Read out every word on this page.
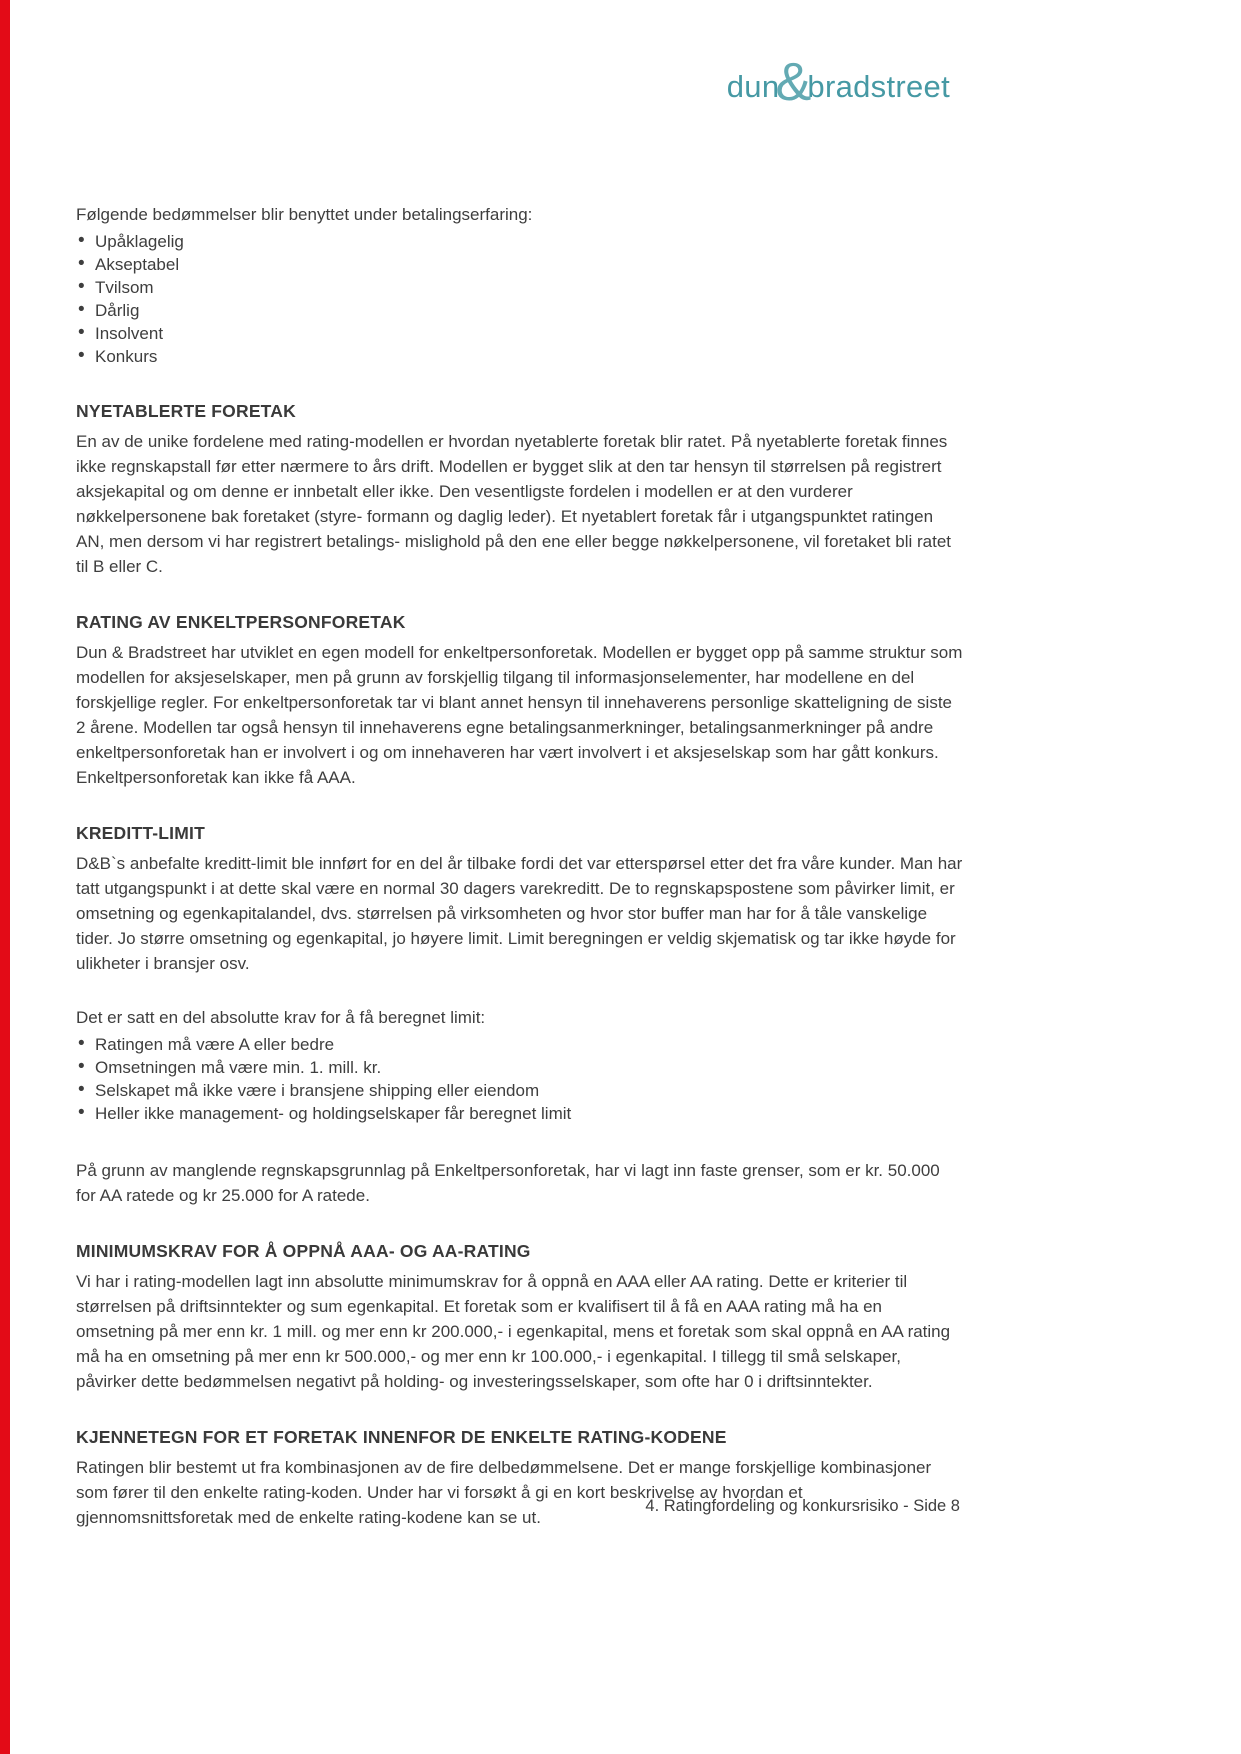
dun
&
bradstreet

Følgende bedømmelser blir benyttet under betalingserfaring:

• Upåklagelig
• Akseptabel
• Tvilsom
• Dårlig
• Insolvent
• Konkurs
NYETABLERTE FORETAK

En av de unike fordelene med rating-modellen er hvordan nyetablerte foretak blir ratet. På nyetablerte foretak finnes ikke regnskapstall før etter nærmere to års drift. Modellen er bygget slik at den tar hensyn til størrelsen på registrert aksjekapital og om denne er innbetalt eller ikke. Den vesentligste fordelen i modellen er at den vurderer nøkkelpersonene bak foretaket (styre- formann og daglig leder). Et nyetablert foretak får i utgangspunktet ratingen AN, men dersom vi har registrert betalings- mislighold på den ene eller begge nøkkelpersonene, vil foretaket bli ratet til B eller C.

RATING AV ENKELTPERSONFORETAK

Dun & Bradstreet har utviklet en egen modell for enkeltpersonforetak. Modellen er bygget opp på samme struktur som modellen for aksjeselskaper, men på grunn av forskjellig tilgang til informasjonselementer, har modellene en del forskjellige regler. For enkeltpersonforetak tar vi blant annet hensyn til innehaverens personlige skatteligning de siste 2 årene. Modellen tar også hensyn til innehaverens egne betalingsanmerkninger, betalingsanmerkninger på andre enkeltpersonforetak han er involvert i og om innehaveren har vært involvert i et aksjeselskap som har gått konkurs. Enkeltpersonforetak kan ikke få AAA.

KREDITT-LIMIT

D&B`s anbefalte kreditt-limit ble innført for en del år tilbake fordi det var etterspørsel etter det fra våre kunder. Man har tatt utgangspunkt i at dette skal være en normal 30 dagers varekreditt. De to regnskapspostene som påvirker limit, er omsetning og egenkapitalandel, dvs. størrelsen på virksomheten og hvor stor buffer man har for å tåle vanskelige tider. Jo større omsetning og egenkapital, jo høyere limit. Limit beregningen er veldig skjematisk og tar ikke høyde for ulikheter i bransjer osv.

Det er satt en del absolutte krav for å få beregnet limit:

• Ratingen må være A eller bedre
• Omsetningen må være min. 1. mill. kr.
• Selskapet må ikke være i bransjene shipping eller eiendom
• Heller ikke management- og holdingselskaper får beregnet limit

På grunn av manglende regnskapsgrunnlag på Enkeltpersonforetak, har vi lagt inn faste grenser, som er kr. 50.000 for AA ratede og kr 25.000 for A ratede.

MINIMUMSKRAV FOR Å OPPNÅ AAA- OG AA-RATING

Vi har i rating-modellen lagt inn absolutte minimumskrav for å oppnå en AAA eller AA rating. Dette er kriterier til størrelsen på driftsinntekter og sum egenkapital. Et foretak som er kvalifisert til å få en AAA rating må ha en omsetning på mer enn kr. 1 mill. og mer enn kr 200.000,- i egenkapital, mens et foretak som skal oppnå en AA rating må ha en omsetning på mer enn kr 500.000,- og mer enn kr 100.000,- i egenkapital. I tillegg til små selskaper, påvirker dette bedømmelsen negativt på holding- og investeringsselskaper, som ofte har 0 i driftsinntekter.

KJENNETEGN FOR ET FORETAK INNENFOR DE ENKELTE RATING-KODENE

Ratingen blir bestemt ut fra kombinasjonen av de fire delbedømmelsene. Det er mange forskjellige kombinasjoner som fører til den enkelte rating-koden. Under har vi forsøkt å gi en kort beskrivelse av hvordan et gjennomsnittsforetak med de enkelte rating-kodene kan se ut.

4. Ratingfordeling og konkursrisiko - Side 8
